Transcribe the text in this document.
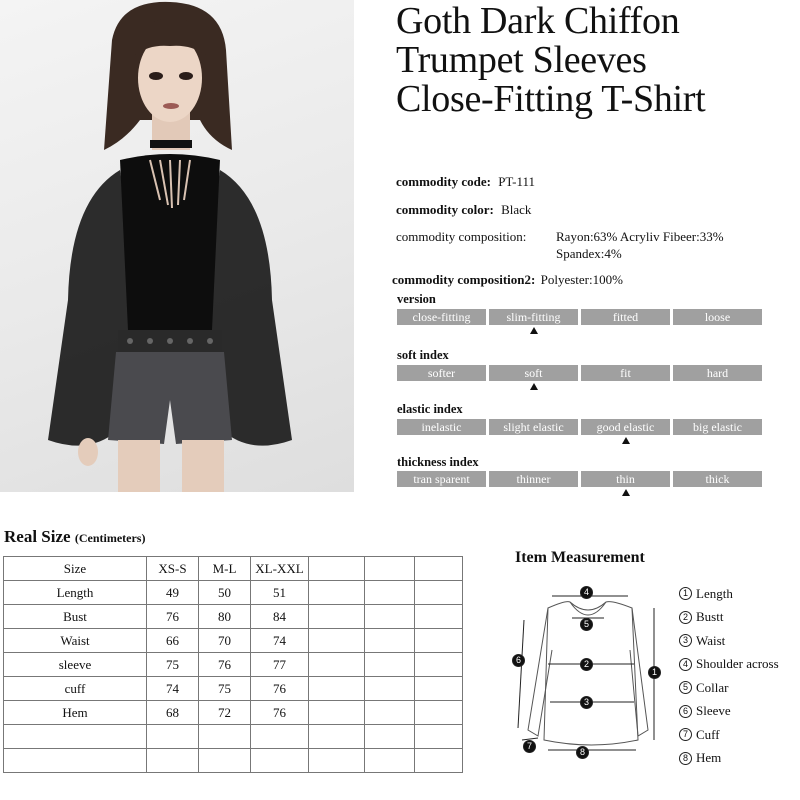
Goth Dark Chiffon
Trumpet Sleeves
Close-Fitting T-Shirt
commodity code: PT-111
commodity color: Black
commodity composition: Rayon:63% Acryliv Fibeer:33%
Spandex:4%
commodity composition2: Polyester:100%
version
close-fitting	slim-fitting	fitted	loose
soft index
softer	soft	fit	hard
elastic index
inelastic	slight elastic	good elastic	big elastic
thickness index
tran sparent	thinner	thin	thick
Real Size (Centimeters)
Size	XS-S	M-L	XL-XXL			
Length	49	50	51			
Bust	76	80	84			
Waist	66	70	74			
sleeve	75	76	77			
cuff	74	75	76			
Hem	68	72	76			

Item Measurement
4
5
2
3
1
6
7
8
1 Length
2 Bustt
3 Waist
4 Shoulder across
5 Collar
6 Sleeve
7 Cuff
8 Hem
